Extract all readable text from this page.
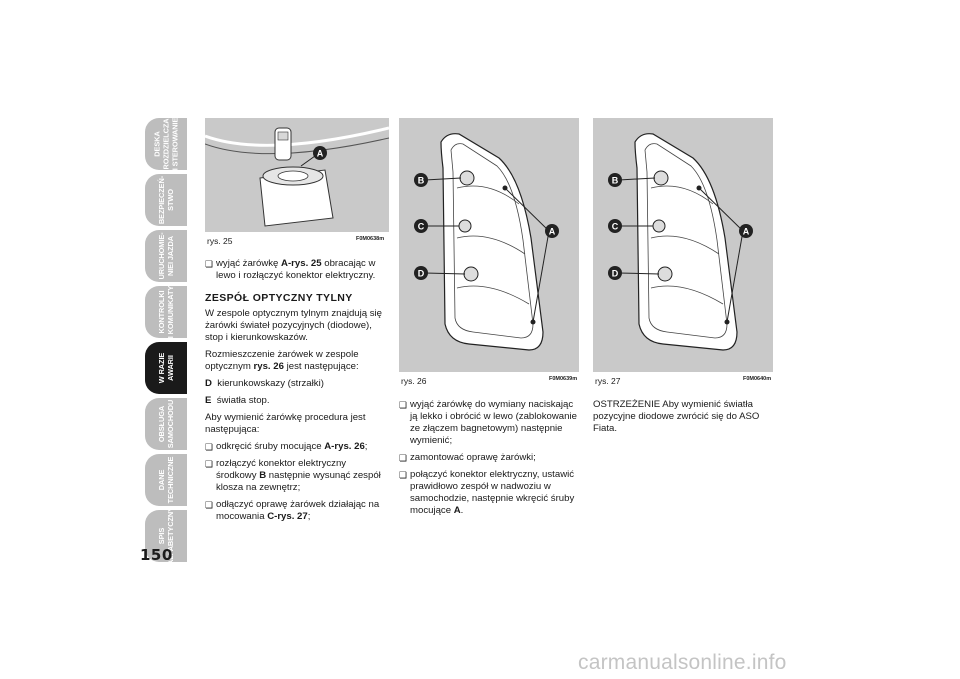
DESKA
ROZDZIELCZA
I STEROWANIE
BEZPIECZEŃ-
STWO
URUCHOMIE-
NIEI JAZDA
KONTROLKI
I KOMUNIKATY
W RAZIE
AWARII
OBSŁUGA
SAMOCHODU
DANE
TECHNICZNE
SPIS
ALFABETYCZNY
150
A
rys. 25	F0M0638m
B
C
D
A
rys. 26	F0M0639m
B
C
D
A
rys. 27	F0M0640m
❏ wyjąć żarówkę A-rys. 25 obracając w lewo i rozłączyć konektor elektryczny.
ZESPÓŁ OPTYCZNY TYLNY

W zespole optycznym tylnym znajdują się żarówki świateł pozycyjnych (diodowe), stop i kierunkowskazów.

Rozmieszczenie żarówek w zespole optycznym rys. 26 jest następujące:

D kierunkowskazy (strzałki)

E światła stop.

Aby wymienić żarówkę procedura jest następująca:

❏ odkręcić śruby mocujące A-rys. 26;
❏ rozłączyć konektor elektryczny środkowy B następnie wysunąć zespół klosza na zewnętrz;
❏ odłączyć oprawę żarówek działając na mocowania C-rys. 27;
❏ wyjąć żarówkę do wymiany naciskając ją lekko i obrócić w lewo (zablokowanie ze złączem bagnetowym) następnie wymienić;
❏ zamontować oprawę żarówki;
❏ połączyć konektor elektryczny, ustawić prawidłowo zespół w nadwoziu w samochodzie, następnie wkręcić śruby mocujące A.

OSTRZEŻENIE Aby wymienić światła pozycyjne diodowe zwrócić się do ASO Fiata.

carmanualsonline.info
